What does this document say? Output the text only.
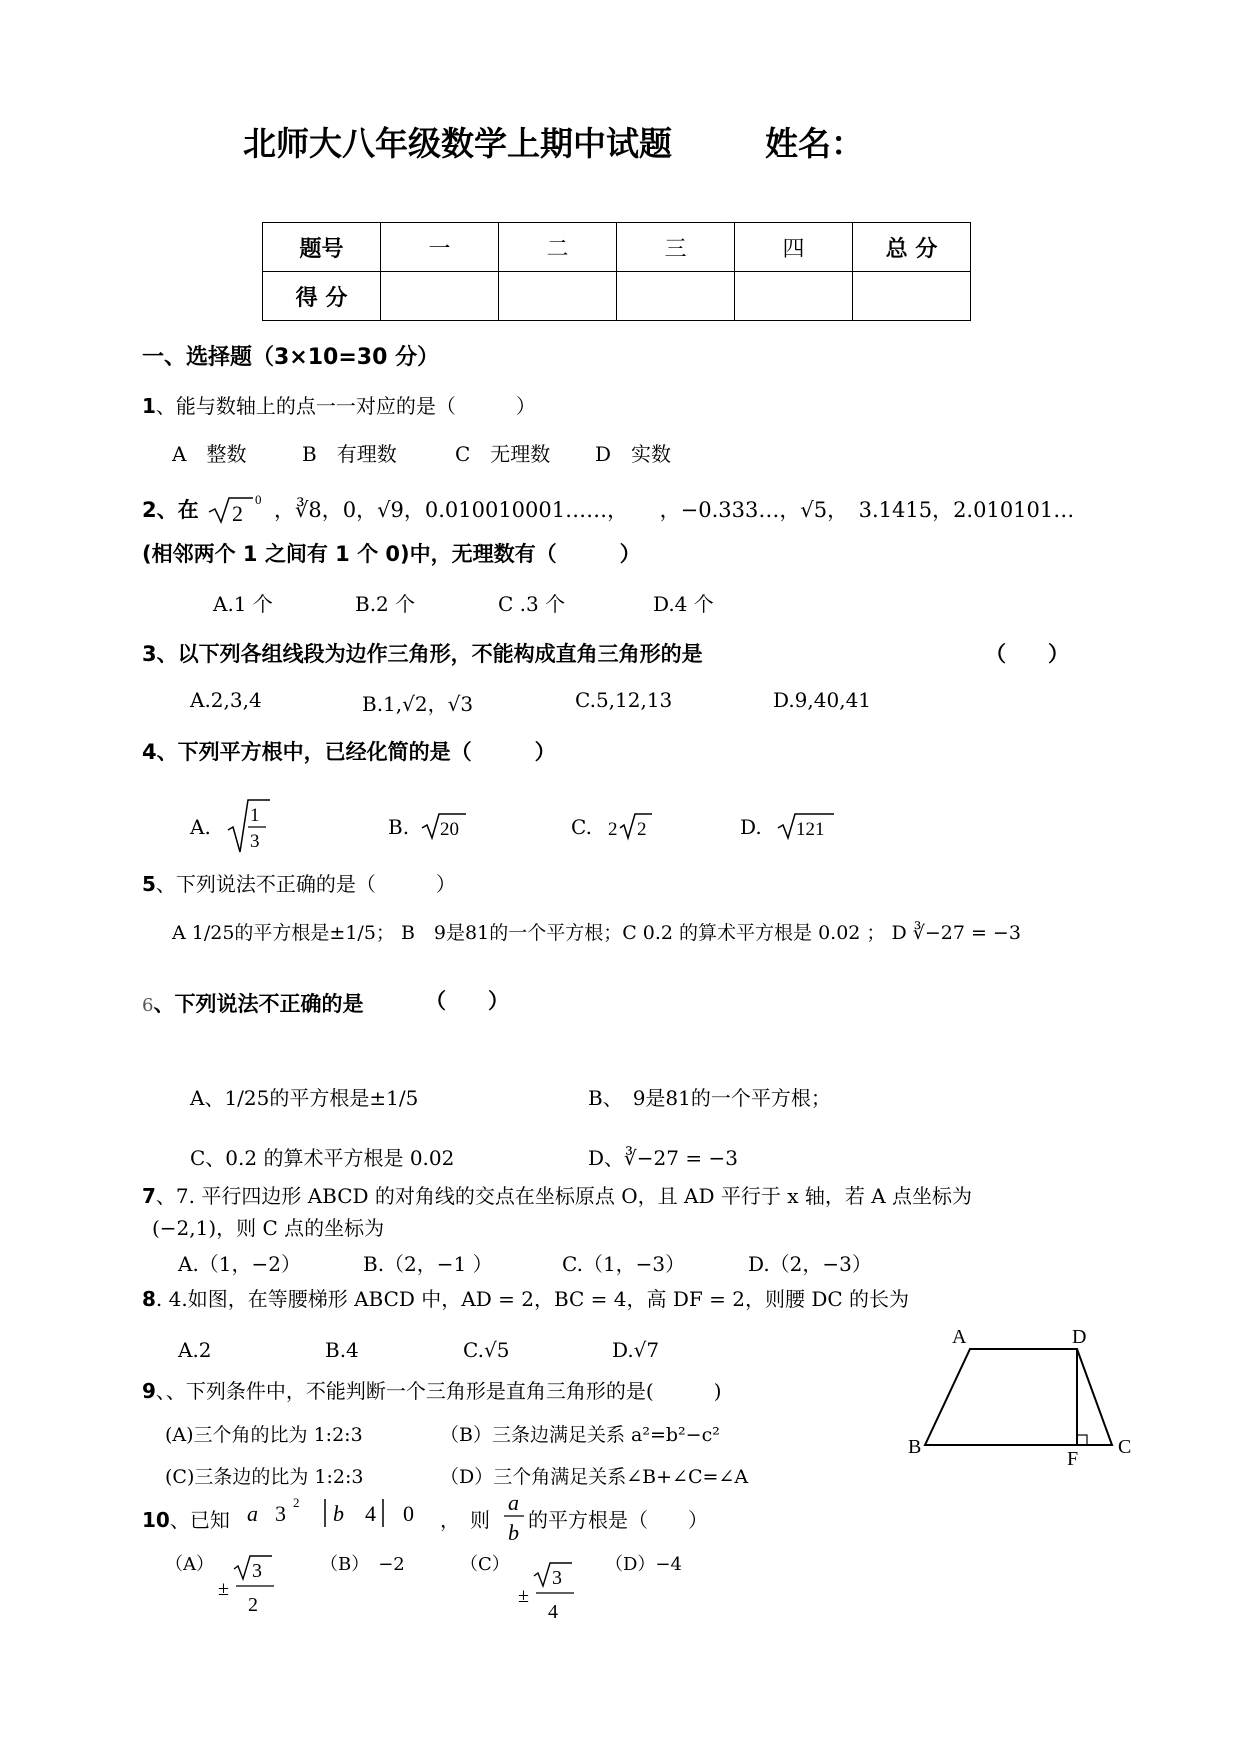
北师大八年级数学上期中试题	姓名：
题号	一	二	三	四	总 分
得 分					
一、选择题（3×10=30 分）
1、能与数轴上的点一一对应的是（　　　）
A　整数	B　有理数	C　无理数 D　实数
2、在 2
0 ，∛8，0，√9，0.010010001……，　　，−0.333…，√5，　3.1415，2.010101…
(相邻两个 1 之间有 1 个 0)中，无理数有（　　　）
A.1 个	B.2 个	C .3 个	D.4 个
3、以下列各组线段为边作三角形，不能构成直角三角形的是	（　　）
A.2,3,4	B.1,√2，√3	C.5,12,13	D.9,40,41
4、下列平方根中，已经化简的是（　　　）
A. 1
3
B. 20	C. 2 2	D. 121
5、下列说法不正确的是（　　　）
A 1/25的平方根是±1/5； B　9是81的一个平方根；C 0.2 的算术平方根是 0.02 ； D ∛−27 = −3
6、下列说法不正确的是	（　　）
A、1/25的平方根是±1/5	B、　9是81的一个平方根；
C、0.2 的算术平方根是 0.02	D、∛−27 = −3
7、7. 平行四边形 ABCD 的对角线的交点在坐标原点 O，且 AD 平行于 x 轴，若 A 点坐标为
(−2,1)，则 C 点的坐标为
A.（1，−2）	B.（2，−1 ）	C.（1，−3）	D.（2，−3）
8. 4.如图，在等腰梯形 ABCD 中，AD = 2，BC = 4，高 DF = 2，则腰 DC 的长为
A.2	B.4	C.√5	D.√7
A	D
B
F
C
9、、下列条件中，不能判断一个三角形是直角三角形的是(　　　)
(A)三个角的比为 1:2:3	（B）三条边满足关系 a²=b²−c²
(C)三条边的比为 1:2:3	（D）三个角满足关系∠B+∠C=∠A
10、已知 a 3 2 b 4 0 ，　则
a
b 的平方根是（　　）
（A）
±
3
2
（B）　−2	（C）
±
3
4
（D）−4
